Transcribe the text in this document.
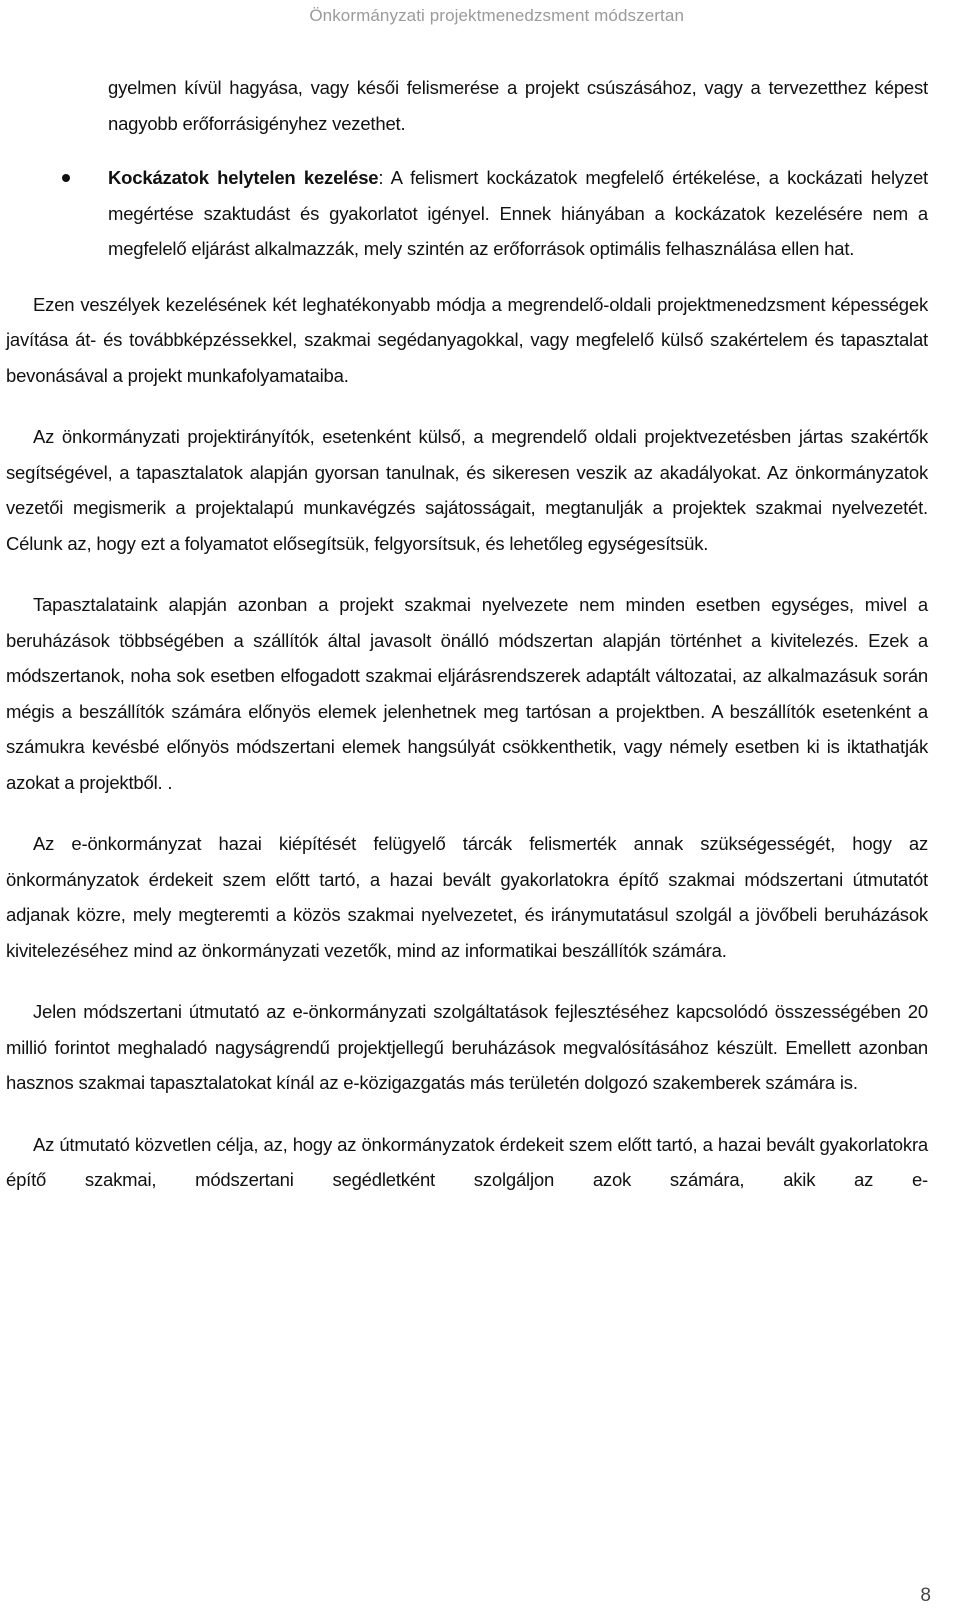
Önkormányzati projektmenedzsment módszertan
gyelmen kívül hagyása, vagy késői felismerése a projekt csúszásához, vagy a tervezetthez képest nagyobb erőforrásigényhez vezethet.
Kockázatok helytelen kezelése: A felismert kockázatok megfelelő értékelése, a kockázati helyzet megértése szaktudást és gyakorlatot igényel. Ennek hiányában a kockázatok kezelésére nem a megfelelő eljárást alkalmazzák, mely szintén az erőforrások optimális felhasználása ellen hat.

Ezen veszélyek kezelésének két leghatékonyabb módja a megrendelő-oldali projektmenedzsment képességek javítása át- és továbbképzéssekkel, szakmai segédanyagokkal, vagy megfelelő külső szakértelem és tapasztalat bevonásával a projekt munkafolyamataiba.

Az önkormányzati projektirányítók, esetenként külső, a megrendelő oldali projektvezetésben jártas szakértők segítségével, a tapasztalatok alapján gyorsan tanulnak, és sikeresen veszik az akadályokat. Az önkormányzatok vezetői megismerik a projektalapú munkavégzés sajátosságait, megtanulják a projektek szakmai nyelvezetét. Célunk az, hogy ezt a folyamatot elősegítsük, felgyorsítsuk, és lehetőleg egységesítsük.

Tapasztalataink alapján azonban a projekt szakmai nyelvezete nem minden esetben egységes, mivel a beruházások többségében a szállítók által javasolt önálló módszertan alapján történhet a kivitelezés. Ezek a módszertanok, noha sok esetben elfogadott szakmai eljárásrendszerek adaptált változatai, az alkalmazásuk során mégis a beszállítók számára előnyös elemek jelenhetnek meg tartósan a projektben. A beszállítók esetenként a számukra kevésbé előnyös módszertani elemek hangsúlyát csökkenthetik, vagy némely esetben ki is iktathatják azokat a projektből. .

Az e-önkormányzat hazai kiépítését felügyelő tárcák felismerték annak szükségességét, hogy az önkormányzatok érdekeit szem előtt tartó, a hazai bevált gyakorlatokra építő szakmai módszertani útmutatót adjanak közre, mely megteremti a közös szakmai nyelvezetet, és iránymutatásul szolgál a jövőbeli beruházások kivitelezéséhez mind az önkormányzati vezetők, mind az informatikai beszállítók számára.

Jelen módszertani útmutató az e-önkormányzati szolgáltatások fejlesztéséhez kapcsolódó összességében 20 millió forintot meghaladó nagyságrendű projektjellegű beruházások megvalósításához készült. Emellett azonban hasznos szakmai tapasztalatokat kínál az e-közigazgatás más területén dolgozó szakemberek számára is.

Az útmutató közvetlen célja, az, hogy az önkormányzatok érdekeit szem előtt tartó, a hazai bevált gyakorlatokra építő szakmai, módszertani segédletként szolgáljon azok számára, akik az e-

8
